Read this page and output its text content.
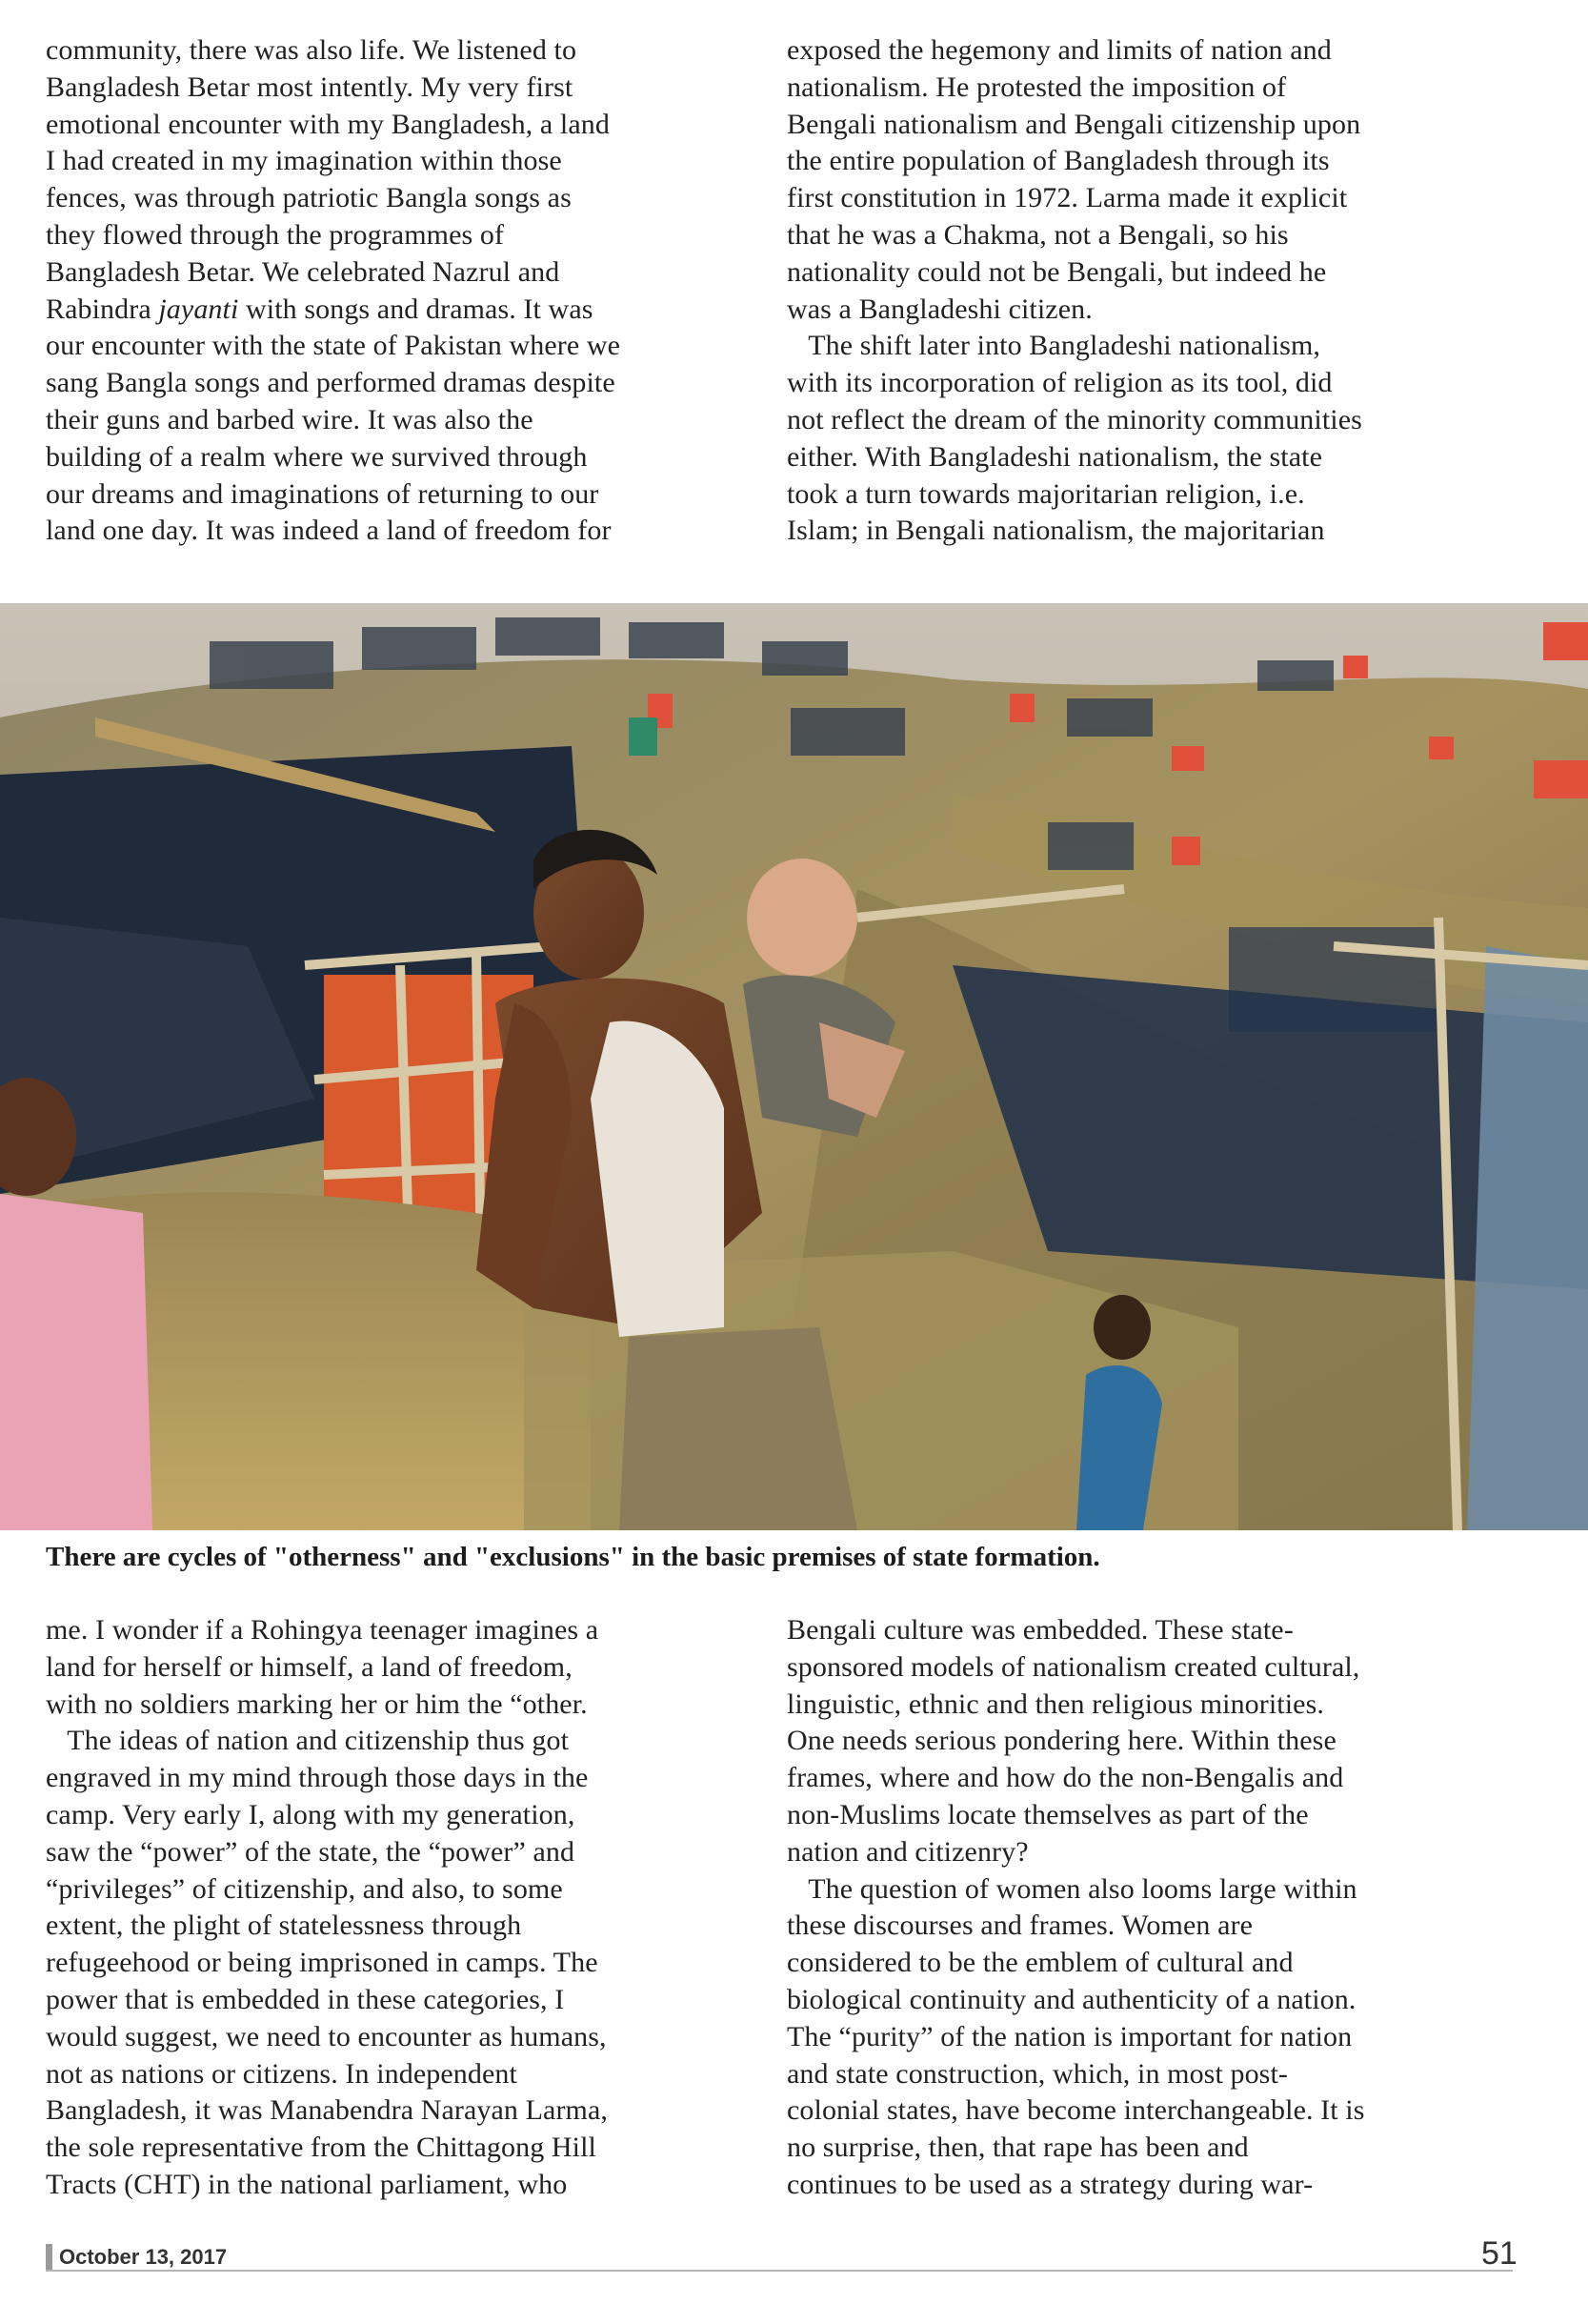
community, there was also life. We listened to

Bangladesh Betar most intently. My very first

emotional encounter with my Bangladesh, a land

I had created in my imagination within those

fences, was through patriotic Bangla songs as

they flowed through the programmes of

Bangladesh Betar. We celebrated Nazrul and

Rabindra jayanti with songs and dramas. It was

our encounter with the state of Pakistan where we

sang Bangla songs and performed dramas despite

their guns and barbed wire. It was also the

building of a realm where we survived through

our dreams and imaginations of returning to our

land one day. It was indeed a land of freedom for

exposed the hegemony and limits of nation and

nationalism. He protested the imposition of

Bengali nationalism and Bengali citizenship upon

the entire population of Bangladesh through its

first constitution in 1972. Larma made it explicit

that he was a Chakma, not a Bengali, so his

nationality could not be Bengali, but indeed he

was a Bangladeshi citizen.

The shift later into Bangladeshi nationalism,

with its incorporation of religion as its tool, did

not reflect the dream of the minority communities

either. With Bangladeshi nationalism, the state

took a turn towards majoritarian religion, i.e.

Islam; in Bengali nationalism, the majoritarian

There are cycles of "otherness" and "exclusions" in the basic premises of state formation.

me. I wonder if a Rohingya teenager imagines a

land for herself or himself, a land of freedom,

with no soldiers marking her or him the “other.

The ideas of nation and citizenship thus got

engraved in my mind through those days in the

camp. Very early I, along with my generation,

saw the “power” of the state, the “power” and

“privileges” of citizenship, and also, to some

extent, the plight of statelessness through

refugeehood or being imprisoned in camps. The

power that is embedded in these categories, I

would suggest, we need to encounter as humans,

not as nations or citizens. In independent

Bangladesh, it was Manabendra Narayan Larma,

the sole representative from the Chittagong Hill

Tracts (CHT) in the national parliament, who

Bengali culture was embedded. These state-

sponsored models of nationalism created cultural,

linguistic, ethnic and then religious minorities.

One needs serious pondering here. Within these

frames, where and how do the non-Bengalis and

non-Muslims locate themselves as part of the

nation and citizenry?

The question of women also looms large within

these discourses and frames. Women are

considered to be the emblem of cultural and

biological continuity and authenticity of a nation.

The “purity” of the nation is important for nation

and state construction, which, in most post-

colonial states, have become interchangeable. It is

no surprise, then, that rape has been and

continues to be used as a strategy during war-

October 13, 2017	51
